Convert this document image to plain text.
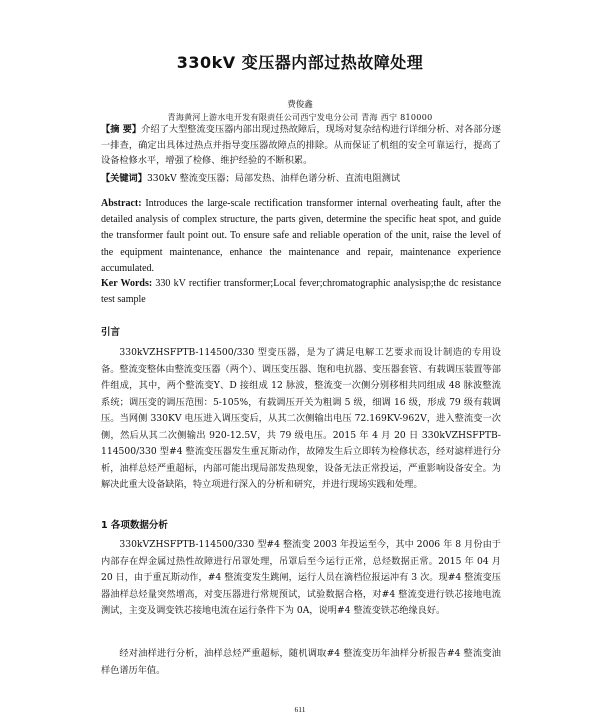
330kV 变压器内部过热故障处理
费俊鑫
青海黄河上游水电开发有限责任公司西宁发电分公司 青海 西宁 810000
【摘 要】介绍了大型整流变压器内部出现过热故障后，现场对复杂结构进行详细分析、对各部分逐一排查，确定出具体过热点并指导变压器故障点的排除。从而保证了机组的安全可靠运行，提高了设备检修水平，增强了检修、维护经验的不断积累。
【关键词】330kV 整流变压器；局部发热、油样色谱分析、直流电阻测试
Abstract: Introduces the large-scale rectification transformer internal overheating fault, after the detailed analysis of complex structure, the parts given, determine the specific heat spot, and guide the transformer fault point out. To ensure safe and reliable operation of the unit, raise the level of the equipment maintenance, enhance the maintenance and repair, maintenance experience accumulated.
Ker Words: 330 kV rectifier transformer;Local fever;chromatographic analysisp;the dc resistance test sample
引言
330kVZHSFPTB-114500/330 型变压器，是为了满足电解工艺要求而设计制造的专用设备。整流变整体由整流变压器（两个）、调压变压器、饱和电抗器、变压器套管、有载调压装置等部件组成，其中，两个整流变Y、D 接组成 12 脉波，整流变一次侧分别移相共同组成 48 脉波整流系统；调压变的调压范围：5-105%，有载调压开关为粗调 5 级，细调 16 级，形成 79 级有载调压。当网侧 330KV 电压进入调压变后，从其二次侧输出电压 72.169KV-962V，进入整流变一次侧，然后从其二次侧输出 920-12.5V，共 79 级电压。2015 年 4 月 20 日 330kVZHSFPTB-114500/330 型#4 整流变压器发生重瓦斯动作，故障发生后立即转为检修状态，经对滤样进行分析，油样总烃严重超标，内部可能出现局部发热现象，设备无法正常投运，严重影响设备安全。为解决此重大设备缺陷，特立项进行深入的分析和研究，并进行现场实践和处理。
1 各项数据分析
330kVZHSFPTB-114500/330 型#4 整流变 2003 年投运至今，其中 2006 年 8 月份由于内部存在焊金属过热性故障进行吊罩处理，吊罩后至今运行正常，总烃数据正常。2015 年 04 月 20 日，由于重瓦斯动作，#4 整流变发生跳闸，运行人员在滴档位报运冲有 3 次。现#4 整流变压器油样总烃量突然增高，对变压器进行常规预试，试验数据合格，对#4 整流变进行铁芯接地电流测试，主变及调变铁芯接地电流在运行条件下为 0A，说明#4 整流变铁芯绝缘良好。
经对油样进行分析，油样总烃严重超标，随机调取#4 整流变历年油样分析报告#4 整流变油样色谱历年值。
611
